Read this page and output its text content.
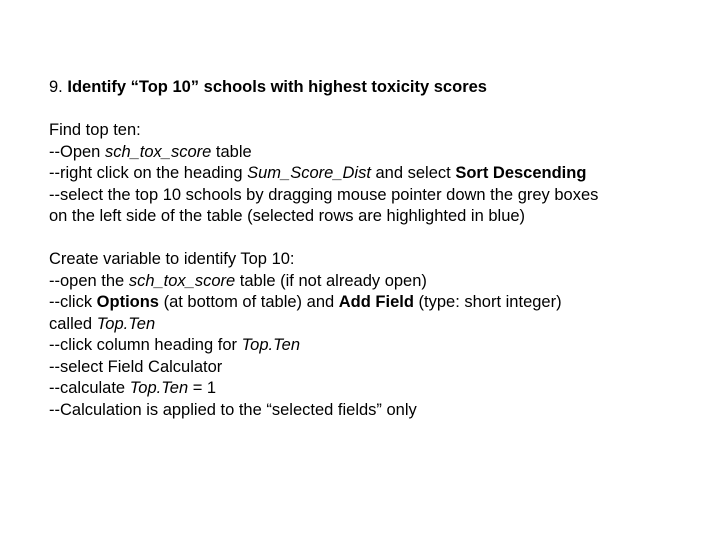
9. Identify “Top 10” schools with highest toxicity scores
Find top ten:
--Open sch_tox_score table
--right click on the heading Sum_Score_Dist and select Sort Descending
--select the top 10 schools by dragging mouse pointer down the grey boxes
on the left side of the table (selected rows are highlighted in blue)
Create variable to identify Top 10:
--open the sch_tox_score table (if not already open)
--click Options (at bottom of table) and Add Field (type: short integer)
called Top.Ten
--click column heading for Top.Ten
--select Field Calculator
--calculate Top.Ten = 1
--Calculation is applied to the “selected fields” only
